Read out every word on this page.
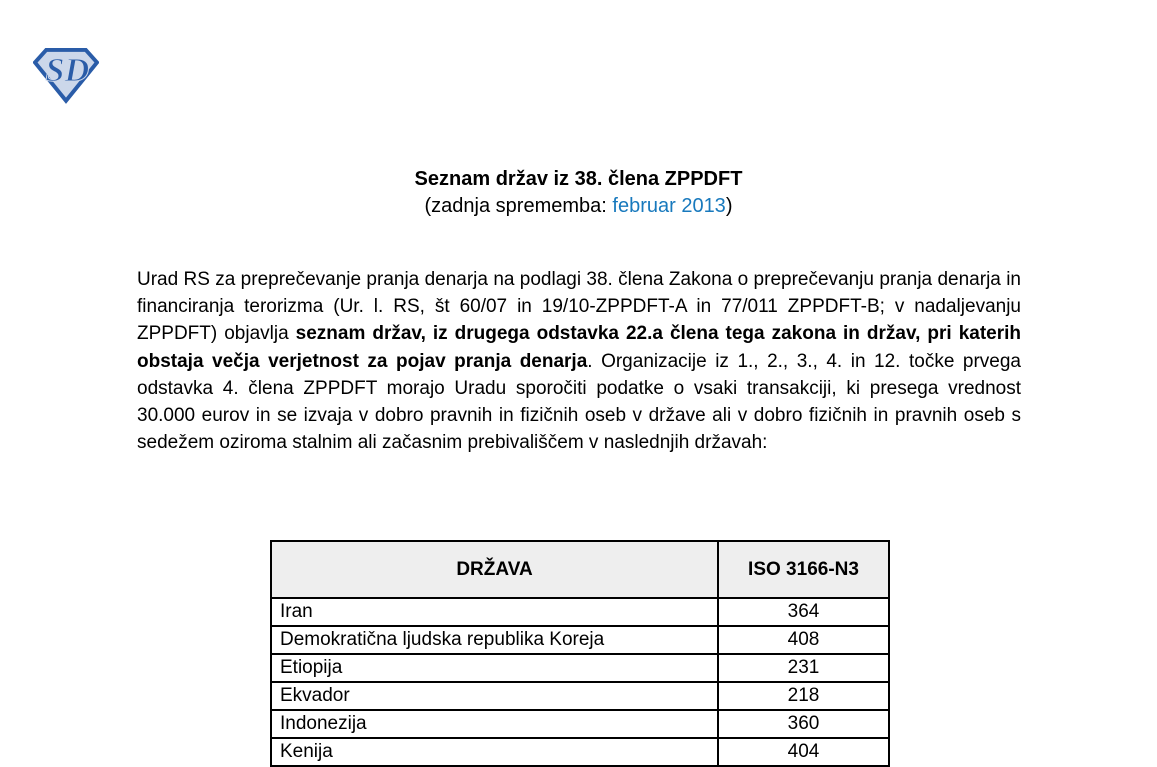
SD
Seznam držav iz 38. člena ZPPDFT
(zadnja sprememba: februar 2013)

Urad RS za preprečevanje pranja denarja na podlagi 38. člena Zakona o preprečevanju pranja denarja in financiranja terorizma (Ur. l. RS, št 60/07 in 19/10-ZPPDFT-A in 77/011 ZPPDFT-B; v nadaljevanju ZPPDFT) objavlja seznam držav, iz drugega odstavka 22.a člena tega zakona in držav, pri katerih obstaja večja verjetnost za pojav pranja denarja. Organizacije iz 1., 2., 3., 4. in 12. točke prvega odstavka 4. člena ZPPDFT morajo Uradu sporočiti podatke o vsaki transakciji, ki presega vrednost 30.000 eurov in se izvaja v dobro pravnih in fizičnih oseb v države ali v dobro fizičnih in pravnih oseb s sedežem oziroma stalnim ali začasnim prebivališčem v naslednjih državah:

DRŽAVA	ISO 3166-N3
Iran	364
Demokratična ljudska republika Koreja	408
Etiopija	231
Ekvador	218
Indonezija	360
Kenija	404
